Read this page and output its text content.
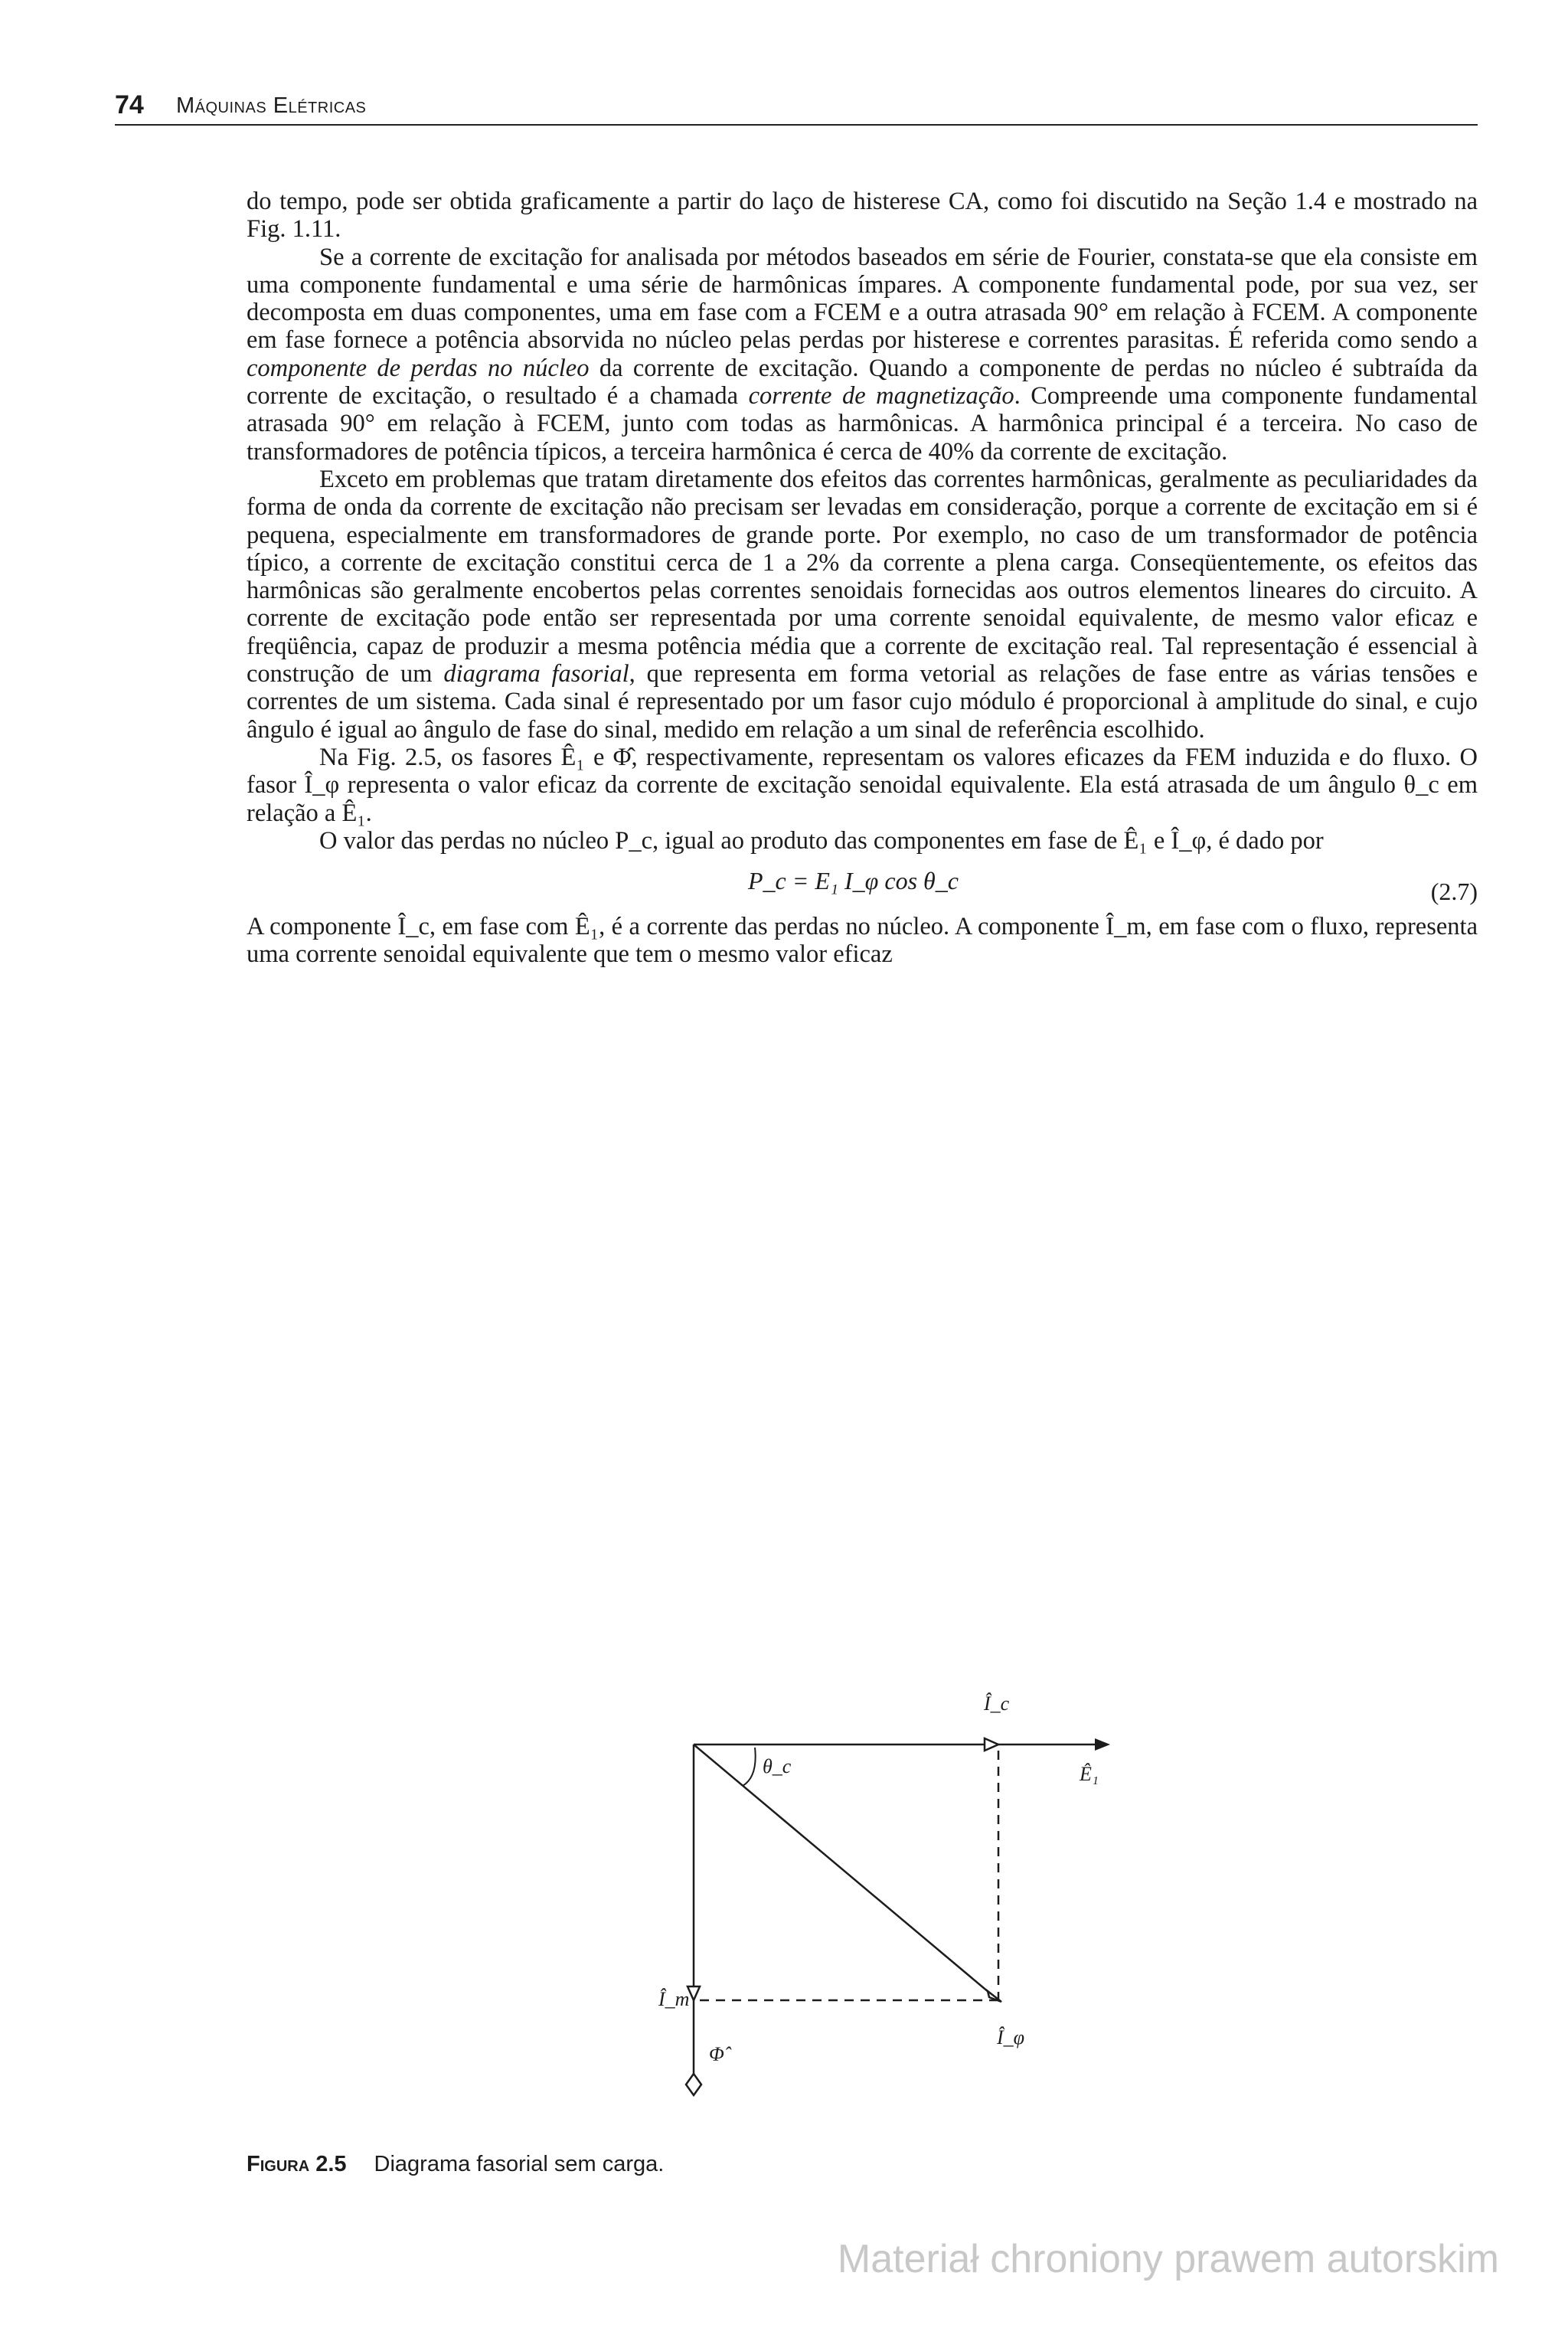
74 Máquinas Elétricas

do tempo, pode ser obtida graficamente a partir do laço de histerese CA, como foi discutido na Seção 1.4 e mostrado na Fig. 1.11.

Se a corrente de excitação for analisada por métodos baseados em série de Fourier, constata-se que ela consiste em uma componente fundamental e uma série de harmônicas ímpares. A componente fundamental pode, por sua vez, ser decomposta em duas componentes, uma em fase com a FCEM e a outra atrasada 90° em relação à FCEM. A componente em fase fornece a potência absorvida no núcleo pelas perdas por histerese e correntes parasitas. É referida como sendo a componente de perdas no núcleo da corrente de excitação. Quando a componente de perdas no núcleo é subtraída da corrente de excitação, o resultado é a chamada corrente de magnetização. Compreende uma componente fundamental atrasada 90° em relação à FCEM, junto com todas as harmônicas. A harmônica principal é a terceira. No caso de transformadores de potência típicos, a terceira harmônica é cerca de 40% da corrente de excitação.

Exceto em problemas que tratam diretamente dos efeitos das correntes harmônicas, geralmente as peculiaridades da forma de onda da corrente de excitação não precisam ser levadas em consideração, porque a corrente de excitação em si é pequena, especialmente em transformadores de grande porte. Por exemplo, no caso de um transformador de potência típico, a corrente de excitação constitui cerca de 1 a 2% da corrente a plena carga. Conseqüentemente, os efeitos das harmônicas são geralmente encobertos pelas correntes senoidais fornecidas aos outros elementos lineares do circuito. A corrente de excitação pode então ser representada por uma corrente senoidal equivalente, de mesmo valor eficaz e freqüência, capaz de produzir a mesma potência média que a corrente de excitação real. Tal representação é essencial à construção de um diagrama fasorial, que representa em forma vetorial as relações de fase entre as várias tensões e correntes de um sistema. Cada sinal é representado por um fasor cujo módulo é proporcional à amplitude do sinal, e cujo ângulo é igual ao ângulo de fase do sinal, medido em relação a um sinal de referência escolhido.

Na Fig. 2.5, os fasores Ê₁ e Φ̂, respectivamente, representam os valores eficazes da FEM induzida e do fluxo. O fasor Î_φ representa o valor eficaz da corrente de excitação senoidal equivalente. Ela está atrasada de um ângulo θ_c em relação a Ê₁.

O valor das perdas no núcleo P_c, igual ao produto das componentes em fase de Ê₁ e Î_φ, é dado por

P_c = E₁ I_φ cos θ_c	(2.7)

A componente Î_c, em fase com Ê₁, é a corrente das perdas no núcleo. A componente Î_m, em fase com o fluxo, representa uma corrente senoidal equivalente que tem o mesmo valor eficaz

Î_c
Ê₁
θ_c
Î_m
Î_φ
Φ̂
Figura 2.5 Diagrama fasorial sem carga.
Materiał chroniony prawem autorskim
